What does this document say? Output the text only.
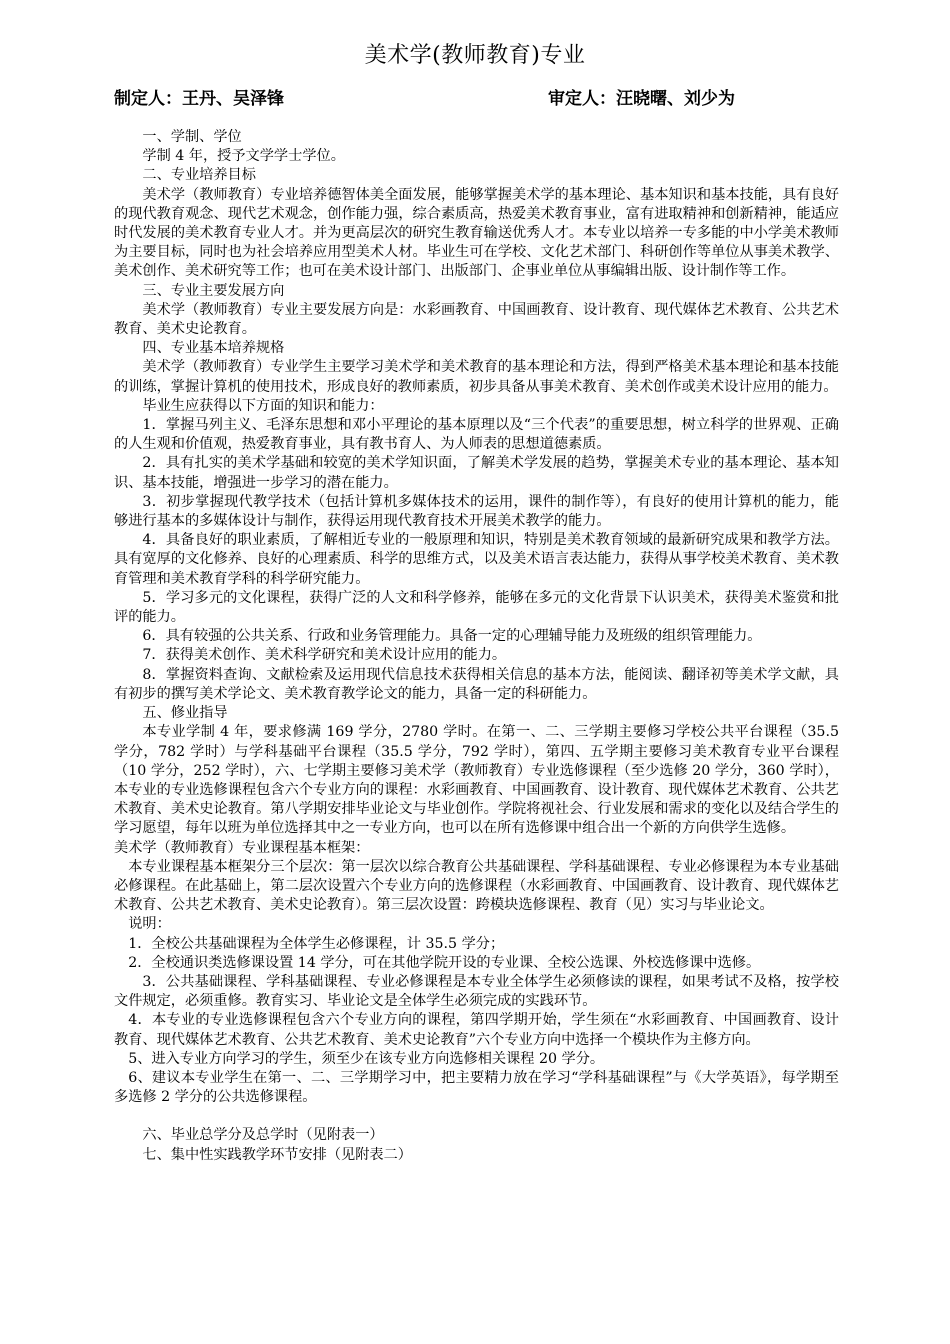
美术学(教师教育)专业
制定人：王丹、吴泽锋	审定人：汪晓曙、刘少为

一、学制、学位

学制 4 年，授予文学学士学位。

二、专业培养目标

美术学（教师教育）专业培养德智体美全面发展，能够掌握美术学的基本理论、基本知识和基本技能，具有良好的现代教育观念、现代艺术观念，创作能力强，综合素质高，热爱美术教育事业，富有进取精神和创新精神，能适应时代发展的美术教育专业人才。并为更高层次的研究生教育输送优秀人才。本专业以培养一专多能的中小学美术教师为主要目标，同时也为社会培养应用型美术人材。毕业生可在学校、文化艺术部门、科研创作等单位从事美术教学、美术创作、美术研究等工作；也可在美术设计部门、出版部门、企事业单位从事编辑出版、设计制作等工作。

三、专业主要发展方向

美术学（教师教育）专业主要发展方向是：水彩画教育、中国画教育、设计教育、现代媒体艺术教育、公共艺术教育、美术史论教育。

四、专业基本培养规格

美术学（教师教育）专业学生主要学习美术学和美术教育的基本理论和方法，得到严格美术基本理论和基本技能的训练，掌握计算机的使用技术，形成良好的教师素质，初步具备从事美术教育、美术创作或美术设计应用的能力。

毕业生应获得以下方面的知识和能力：

1．掌握马列主义、毛泽东思想和邓小平理论的基本原理以及“三个代表”的重要思想，树立科学的世界观、正确的人生观和价值观，热爱教育事业，具有教书育人、为人师表的思想道德素质。

2．具有扎实的美术学基础和较宽的美术学知识面，了解美术学发展的趋势，掌握美术专业的基本理论、基本知识、基本技能，增强进一步学习的潜在能力。

3．初步掌握现代教学技术（包括计算机多媒体技术的运用，课件的制作等），有良好的使用计算机的能力，能够进行基本的多媒体设计与制作，获得运用现代教育技术开展美术教学的能力。

4．具备良好的职业素质，了解相近专业的一般原理和知识，特别是美术教育领域的最新研究成果和教学方法。具有宽厚的文化修养、良好的心理素质、科学的思维方式，以及美术语言表达能力，获得从事学校美术教育、美术教育管理和美术教育学科的科学研究能力。

5．学习多元的文化课程，获得广泛的人文和科学修养，能够在多元的文化背景下认识美术，获得美术鉴赏和批评的能力。

6．具有较强的公共关系、行政和业务管理能力。具备一定的心理辅导能力及班级的组织管理能力。

7．获得美术创作、美术科学研究和美术设计应用的能力。

8．掌握资料查询、文献检索及运用现代信息技术获得相关信息的基本方法，能阅读、翻译初等美术学文献，具有初步的撰写美术学论文、美术教育教学论文的能力，具备一定的科研能力。

五、修业指导

本专业学制 4 年，要求修满 169 学分，2780 学时。在第一、二、三学期主要修习学校公共平台课程（35.5 学分，782 学时）与学科基础平台课程（35.5 学分，792 学时），第四、五学期主要修习美术教育专业平台课程（10 学分，252 学时），六、七学期主要修习美术学（教师教育）专业选修课程（至少选修 20 学分，360 学时），本专业的专业选修课程包含六个专业方向的课程：水彩画教育、中国画教育、设计教育、现代媒体艺术教育、公共艺术教育、美术史论教育。第八学期安排毕业论文与毕业创作。学院将视社会、行业发展和需求的变化以及结合学生的学习愿望，每年以班为单位选择其中之一专业方向，也可以在所有选修课中组合出一个新的方向供学生选修。

美术学（教师教育）专业课程基本框架：

本专业课程基本框架分三个层次：第一层次以综合教育公共基础课程、学科基础课程、专业必修课程为本专业基础必修课程。在此基础上，第二层次设置六个专业方向的选修课程（水彩画教育、中国画教育、设计教育、现代媒体艺术教育、公共艺术教育、美术史论教育）。第三层次设置：跨模块选修课程、教育（见）实习与毕业论文。

说明：

1．全校公共基础课程为全体学生必修课程，计 35.5 学分；

2．全校通识类选修课设置 14 学分，可在其他学院开设的专业课、全校公选课、外校选修课中选修。

3．公共基础课程、学科基础课程、专业必修课程是本专业全体学生必须修读的课程，如果考试不及格，按学校文件规定，必须重修。教育实习、毕业论文是全体学生必须完成的实践环节。

4．本专业的专业选修课程包含六个专业方向的课程，第四学期开始，学生须在“水彩画教育、中国画教育、设计教育、现代媒体艺术教育、公共艺术教育、美术史论教育”六个专业方向中选择一个模块作为主修方向。

5、进入专业方向学习的学生，须至少在该专业方向选修相关课程 20 学分。

6、建议本专业学生在第一、二、三学期学习中，把主要精力放在学习“学科基础课程”与《大学英语》，每学期至多选修 2 学分的公共选修课程。

六、毕业总学分及总学时（见附表一）

七、集中性实践教学环节安排（见附表二）
